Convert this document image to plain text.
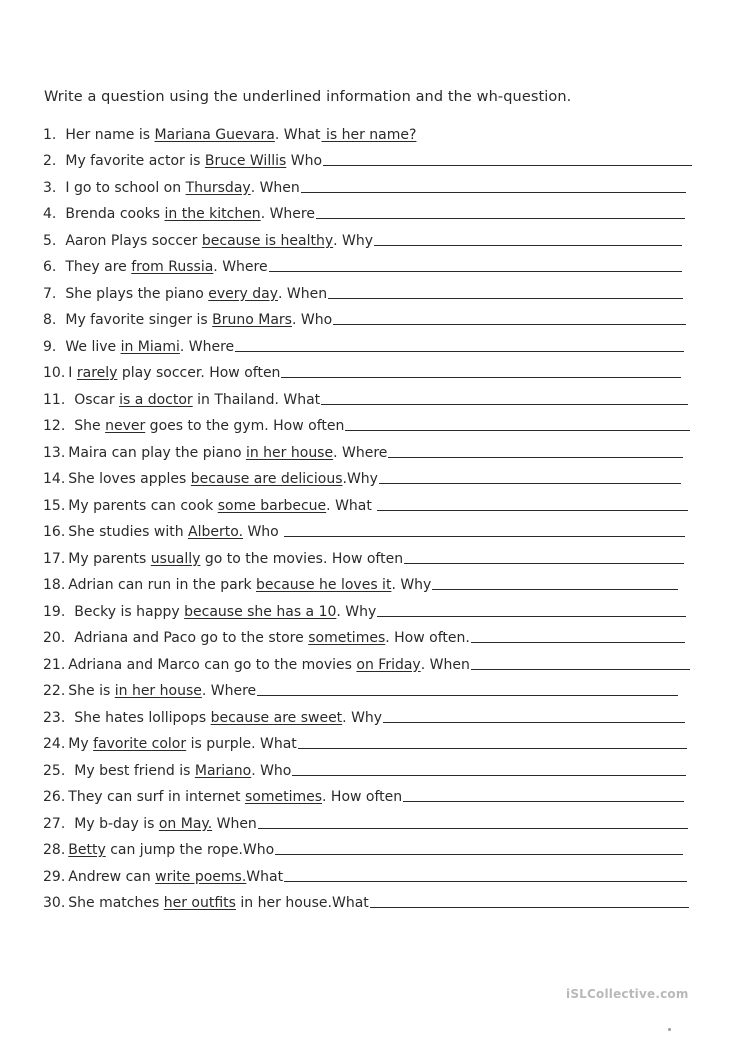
Write a question using the underlined information and the wh-question.
1. Her name is Mariana Guevara . What is her name?
2. My favorite actor is Bruce Willis Who
3. I go to school on Thursday . When
4. Brenda cooks in the kitchen . Where
5. Aaron Plays soccer because is healthy . Why
6. They are from Russia . Where
7. She plays the piano every day . When
8. My favorite singer is Bruno Mars . Who
9. We live in Miami . Where
10. I rarely play soccer. How often
11. Oscar is a doctor in Thailand. What
12. She never goes to the gym. How often
13. Maira can play the piano in her house . Where
14. She loves apples because are delicious .Why
15. My parents can cook some barbecue . What
16. She studies with Alberto. Who
17. My parents usually go to the movies. How often
18. Adrian can run in the park because he loves it . Why
19. Becky is happy because she has a 10 . Why
20. Adriana and Paco go to the store sometimes . How often.
21. Adriana and Marco can go to the movies on Friday . When
22. She is in her house . Where
23. She hates lollipops because are sweet . Why
24. My favorite color is purple. What
25. My best friend is Mariano . Who
26. They can surf in internet sometimes . How often
27. My b-day is on May. When
28. Betty can jump the rope.Who
29. Andrew can write poems. What
30. She matches her outfits in her house.What
iSLCollective.com
